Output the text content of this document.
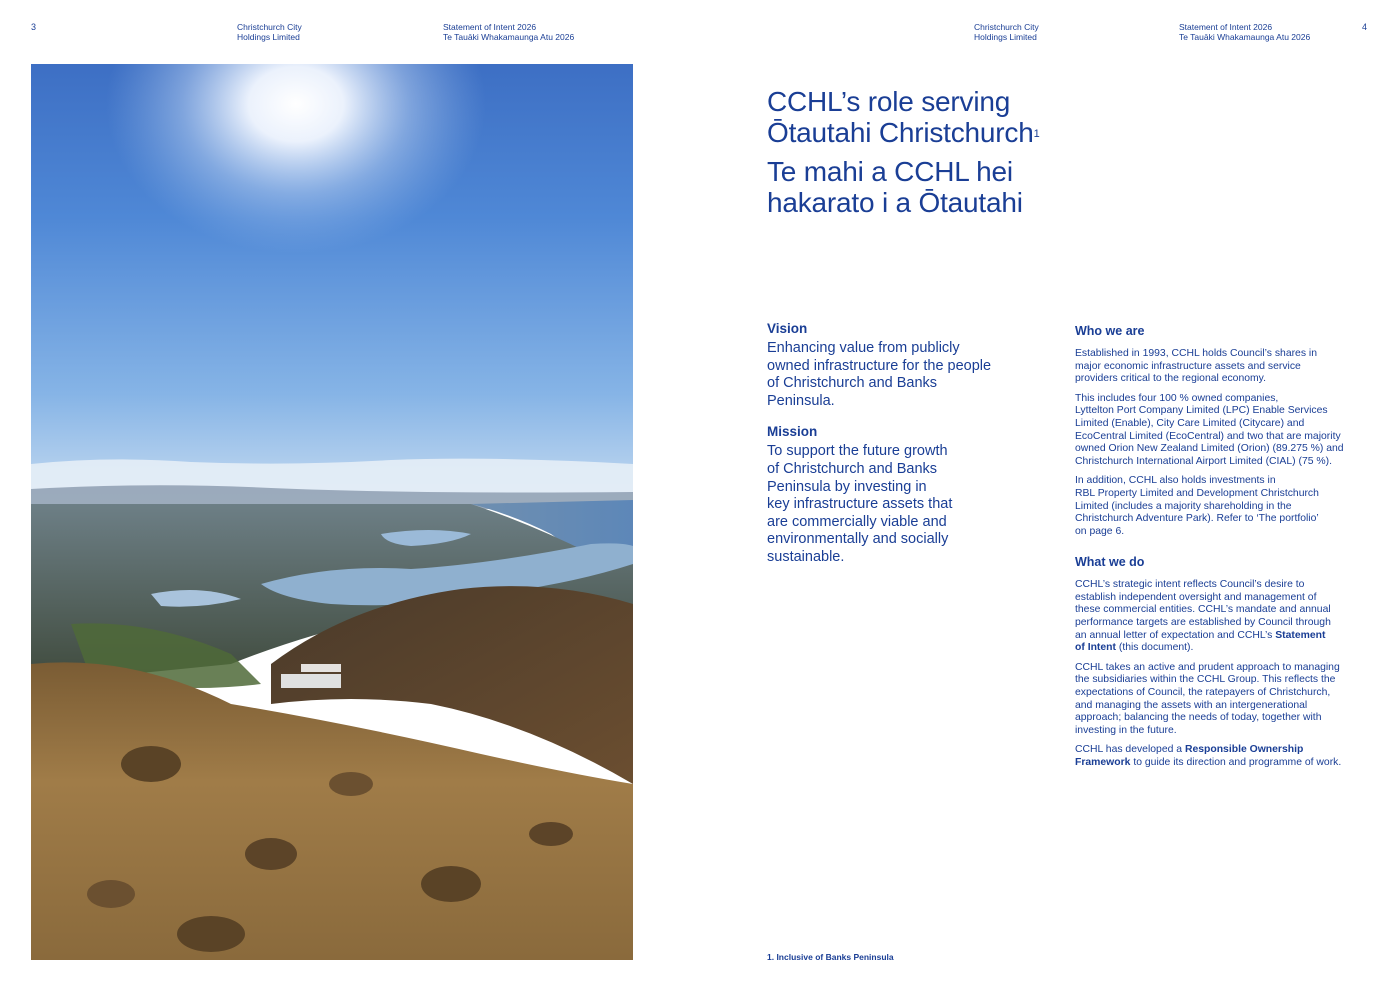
3	Christchurch City
Holdings Limited
Statement of Intent 2026
Te Tauāki Whakamaunga Atu 2026
Christchurch City
Holdings Limited
Statement of Intent 2026
Te Tauāki Whakamaunga Atu 2026
4
CCHL’s role serving
Ōtautahi Christchurch$^1$
Te mahi a CCHL hei
hakarato i a Ōtautahi
Vision
Enhancing value from publicly
owned infrastructure for the people
of Christchurch and Banks
Peninsula.
Mission
To support the future growth
of Christchurch and Banks
Peninsula by investing in
key infrastructure assets that
are commercially viable and
environmentally and socially
sustainable.
Who we are

Established in 1993, CCHL holds Council’s shares in
major economic infrastructure assets and service
providers critical to the regional economy.

This includes four 100 % owned companies,
Lyttelton Port Company Limited (LPC) Enable Services
Limited (Enable), City Care Limited (Citycare) and
EcoCentral Limited (EcoCentral) and two that are majority
owned Orion New Zealand Limited (Orion) (89.275 %) and
Christchurch International Airport Limited (CIAL) (75 %).

In addition, CCHL also holds investments in
RBL Property Limited and Development Christchurch
Limited (includes a majority shareholding in the
Christchurch Adventure Park). Refer to ‘The portfolio’
on page 6.

What we do

CCHL’s strategic intent reflects Council’s desire to
establish independent oversight and management of
these commercial entities. CCHL’s mandate and annual
performance targets are established by Council through
an annual letter of expectation and CCHL’s Statement
of Intent (this document).

CCHL takes an active and prudent approach to managing
the subsidiaries within the CCHL Group. This reflects the
expectations of Council, the ratepayers of Christchurch,
and managing the assets with an intergenerational
approach; balancing the needs of today, together with
investing in the future.

CCHL has developed a Responsible Ownership
Framework to guide its direction and programme of work.

1. Inclusive of Banks Peninsula
